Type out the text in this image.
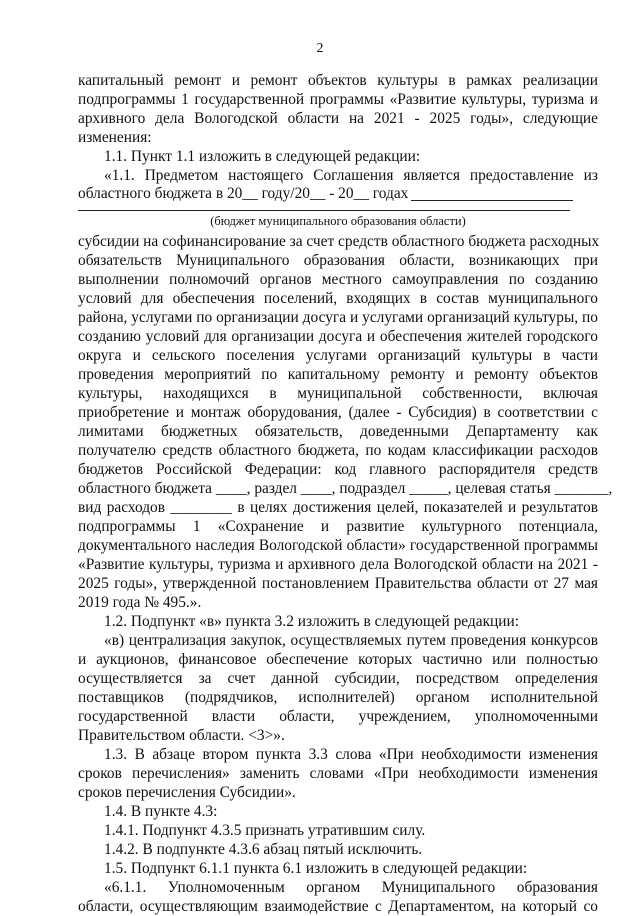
2
капитальный ремонт и ремонт объектов культуры в рамках реализации
подпрограммы 1 государственной программы «Развитие культуры, туризма и
архивного дела Вологодской области на 2021 - 2025 годы», следующие
изменения:
1.1. Пункт 1.1 изложить в следующей редакции:
«1.1. Предметом настоящего Соглашения является предоставление из
областного бюджета в 20__ году/20__ - 20__ годах
(бюджет муниципального образования области)
субсидии на софинансирование за счет средств областного бюджета расходных
обязательств Муниципального образования области, возникающих при
выполнении полномочий органов местного самоуправления по созданию
условий для обеспечения поселений, входящих в состав муниципального
района, услугами по организации досуга и услугами организаций культуры, по
созданию условий для организации досуга и обеспечения жителей городского
округа и сельского поселения услугами организаций культуры в части
проведения мероприятий по капитальному ремонту и ремонту объектов
культуры, находящихся в муниципальной собственности, включая
приобретение и монтаж оборудования, (далее - Субсидия) в соответствии с
лимитами бюджетных обязательств, доведенными Департаменту как
получателю средств областного бюджета, по кодам классификации расходов
бюджетов Российской Федерации: код главного распорядителя средств
областного бюджета ____, раздел ____, подраздел _____, целевая статья _______,
вид расходов ________ в целях достижения целей, показателей и результатов
подпрограммы 1 «Сохранение и развитие культурного потенциала,
документального наследия Вологодской области» государственной программы
«Развитие культуры, туризма и архивного дела Вологодской области на 2021 -
2025 годы», утвержденной постановлением Правительства области от 27 мая
2019 года № 495.».
1.2. Подпункт «в» пункта 3.2 изложить в следующей редакции:
«в) централизация закупок, осуществляемых путем проведения конкурсов
и аукционов, финансовое обеспечение которых частично или полностью
осуществляется за счет данной субсидии, посредством определения
поставщиков (подрядчиков, исполнителей) органом исполнительной
государственной власти области, учреждением, уполномоченными
Правительством области. <3>».
1.3. В абзаце втором пункта 3.3 слова «При необходимости изменения
сроков перечисления» заменить словами «При необходимости изменения
сроков перечисления Субсидии».
1.4. В пункте 4.3:
1.4.1. Подпункт 4.3.5 признать утратившим силу.
1.4.2. В подпункте 4.3.6 абзац пятый исключить.
1.5. Подпункт 6.1.1 пункта 6.1 изложить в следующей редакции:
«6.1.1. Уполномоченным органом Муниципального образования
области, осуществляющим взаимодействие с Департаментом, на который со
